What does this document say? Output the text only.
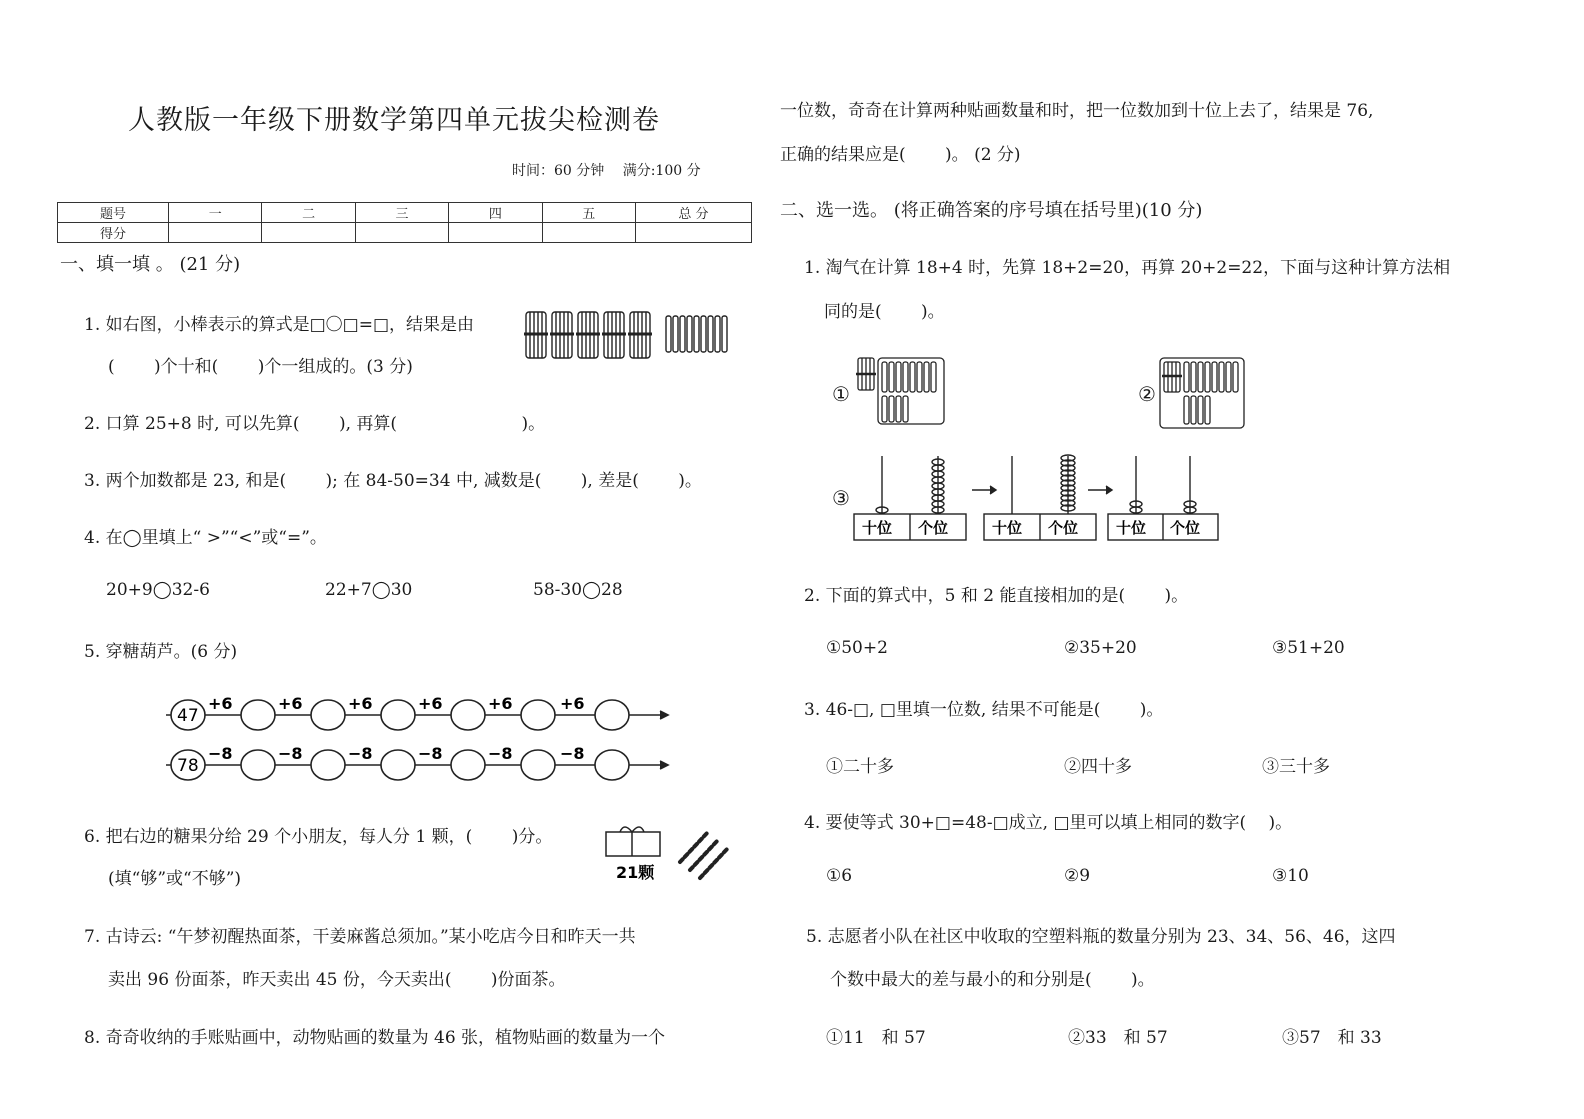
人教版一年级下册数学第四单元拔尖检测卷
时间：60 分钟　 满分:100 分
题号	一	二	三	四	五	总 分
得分						
一、填一填 。 (21 分)
1. 如右图，小棒表示的算式是□〇□=□，结果是由
(　　 )个十和(　　 )个一组成的。(3 分)
2. 口算 25+8 时, 可以先算(　　 ), 再算(　　　　　　　 )。
3. 两个加数都是 23, 和是(　　 ); 在 84-50=34 中, 减数是(　　 ), 差是(　　 )。
4. 在◯里填上“ >”“<”或“=”。
20+9◯32-6	22+7◯30	58-30◯28
5. 穿糖葫芦。(6 分)
47
78
+6	+6	+6	+6	+6	+6
−8	−8	−8	−8	−8	−8
6. 把右边的糖果分给 29 个小朋友，每人分 1 颗，(　　 )分。
(填“够”或“不够”)	21颗
7. 古诗云: “午梦初醒热面茶，干姜麻酱总须加。”某小吃店今日和昨天一共
卖出 96 份面茶，昨天卖出 45 份，今天卖出(　　 )份面茶。
8. 奇奇收纳的手账贴画中，动物贴画的数量为 46 张，植物贴画的数量为一个
一位数，奇奇在计算两种贴画数量和时，把一位数加到十位上去了，结果是 76,
正确的结果应是(　　 )。 (2 分)
二、选一选。 (将正确答案的序号填在括号里)(10 分)
1. 淘气在计算 18+4 时，先算 18+2=20，再算 20+2=22，下面与这种计算方法相
同的是(　　 )。
①	②
③
十位 个位	十位 个位	十位 个位
2. 下面的算式中，5 和 2 能直接相加的是(　　 )。
①50+2	②35+20	③51+20
3. 46-□, □里填一位数, 结果不可能是(　　 )。
①二十多	②四十多	③三十多
4. 要使等式 30+□=48-□成立, □里可以填上相同的数字(　 )。
①6	②9	③10
5. 志愿者小队在社区中收取的空塑料瓶的数量分别为 23、34、56、46，这四
个数中最大的差与最小的和分别是(　　 )。
①11　和 57	②33　和 57	③57　和 33
